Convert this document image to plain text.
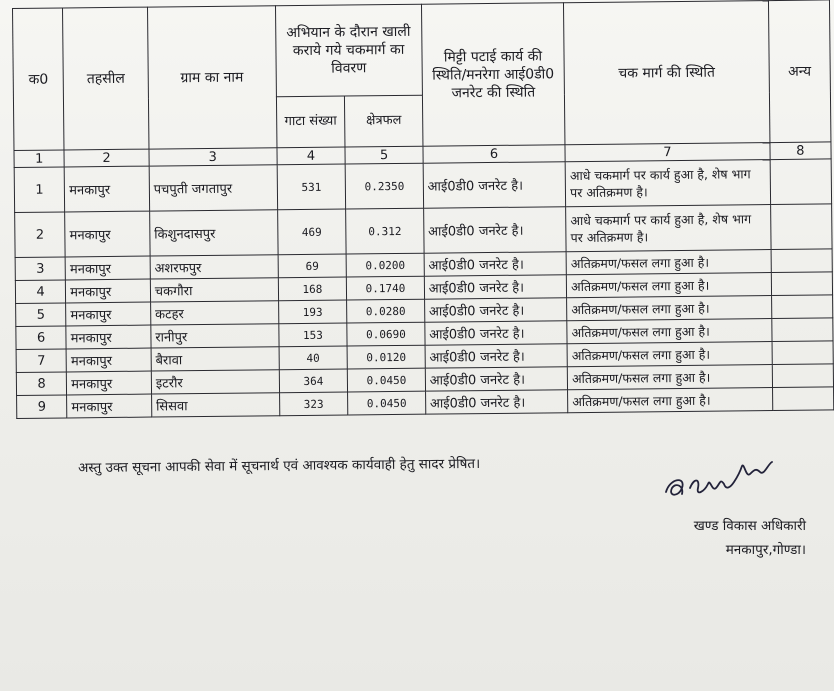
क0	तहसील	ग्राम का नाम	अभियान के दौरान खाली कराये गये चकमार्ग का विवरण		मिट्टी पटाई कार्य की स्थिति/मनरेगा आई0डी0 जनरेट की स्थिति	चक मार्ग की स्थिति	अन्य
			गाटा संख्या	क्षेत्रफल			
1	2	3	4	5	6	7	8
1	मनकापुर	पचपुती जगतापुर	531	0.2350	आई0डी0 जनरेट है।	आधे चकमार्ग पर कार्य हुआ है, शेष भाग पर अतिक्रमण है।	
2	मनकापुर	किशुनदासपुर	469	0.312	आई0डी0 जनरेट है।	आधे चकमार्ग पर कार्य हुआ है, शेष भाग पर अतिक्रमण है।	
3	मनकापुर	अशरफपुर	69	0.0200	आई0डी0 जनरेट है।	अतिक्रमण/फसल लगा हुआ है।	
4	मनकापुर	चकगौरा	168	0.1740	आई0डी0 जनरेट है।	अतिक्रमण/फसल लगा हुआ है।	
5	मनकापुर	कटहर	193	0.0280	आई0डी0 जनरेट है।	अतिक्रमण/फसल लगा हुआ है।	
6	मनकापुर	रानीपुर	153	0.0690	आई0डी0 जनरेट है।	अतिक्रमण/फसल लगा हुआ है।	
7	मनकापुर	बैरावा	40	0.0120	आई0डी0 जनरेट है।	अतिक्रमण/फसल लगा हुआ है।	
8	मनकापुर	इटरौर	364	0.0450	आई0डी0 जनरेट है।	अतिक्रमण/फसल लगा हुआ है।	
9	मनकापुर	सिसवा	323	0.0450	आई0डी0 जनरेट है।	अतिक्रमण/फसल लगा हुआ है।	
अस्तु उक्त सूचना आपकी सेवा में सूचनार्थ एवं आवश्यक कार्यवाही हेतु सादर प्रेषित।
खण्ड विकास अधिकारी
मनकापुर,गोण्डा।
